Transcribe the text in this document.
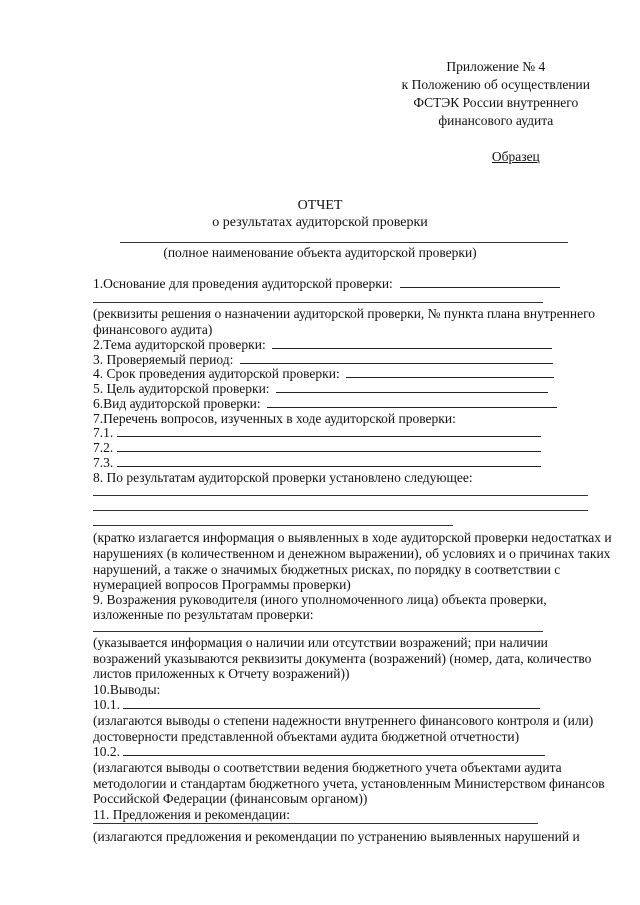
Приложение № 4
к Положению об осуществлении
ФСТЭК России внутреннего
финансового аудита
Образец
ОТЧЕТ
о результатах аудиторской проверки
(полное наименование объекта аудиторской проверки)
1.Основание для проведения аудиторской проверки:
(реквизиты решения о назначении аудиторской проверки, № пункта плана внутреннего
финансового аудита)
2.Тема аудиторской проверки:
3. Проверяемый период:
4. Срок проведения аудиторской проверки:
5. Цель аудиторской проверки:
6.Вид аудиторской проверки:
7.Перечень вопросов, изученных в ходе аудиторской проверки:
7.1.
7.2.
7.3.
8. По результатам аудиторской проверки установлено следующее:
(кратко излагается информация о выявленных в ходе аудиторской проверки недостатках и
нарушениях (в количественном и денежном выражении), об условиях и о причинах таких
нарушений, а также о значимых бюджетных рисках, по порядку в соответствии с
нумерацией вопросов Программы проверки)
9. Возражения руководителя (иного уполномоченного лица) объекта проверки,
изложенные по результатам проверки:
(указывается информация о наличии или отсутствии возражений; при наличии
возражений указываются реквизиты документа (возражений) (номер, дата, количество
листов приложенных к Отчету возражений))
10.Выводы:
10.1.
(излагаются выводы о степени надежности внутреннего финансового контроля и (или)
достоверности представленной объектами аудита бюджетной отчетности)
10.2.
(излагаются выводы о соответствии ведения бюджетного учета объектами аудита
методологии и стандартам бюджетного учета, установленным Министерством финансов
Российской Федерации (финансовым органом))
11. Предложения и рекомендации:
(излагаются предложения и рекомендации по устранению выявленных нарушений и
